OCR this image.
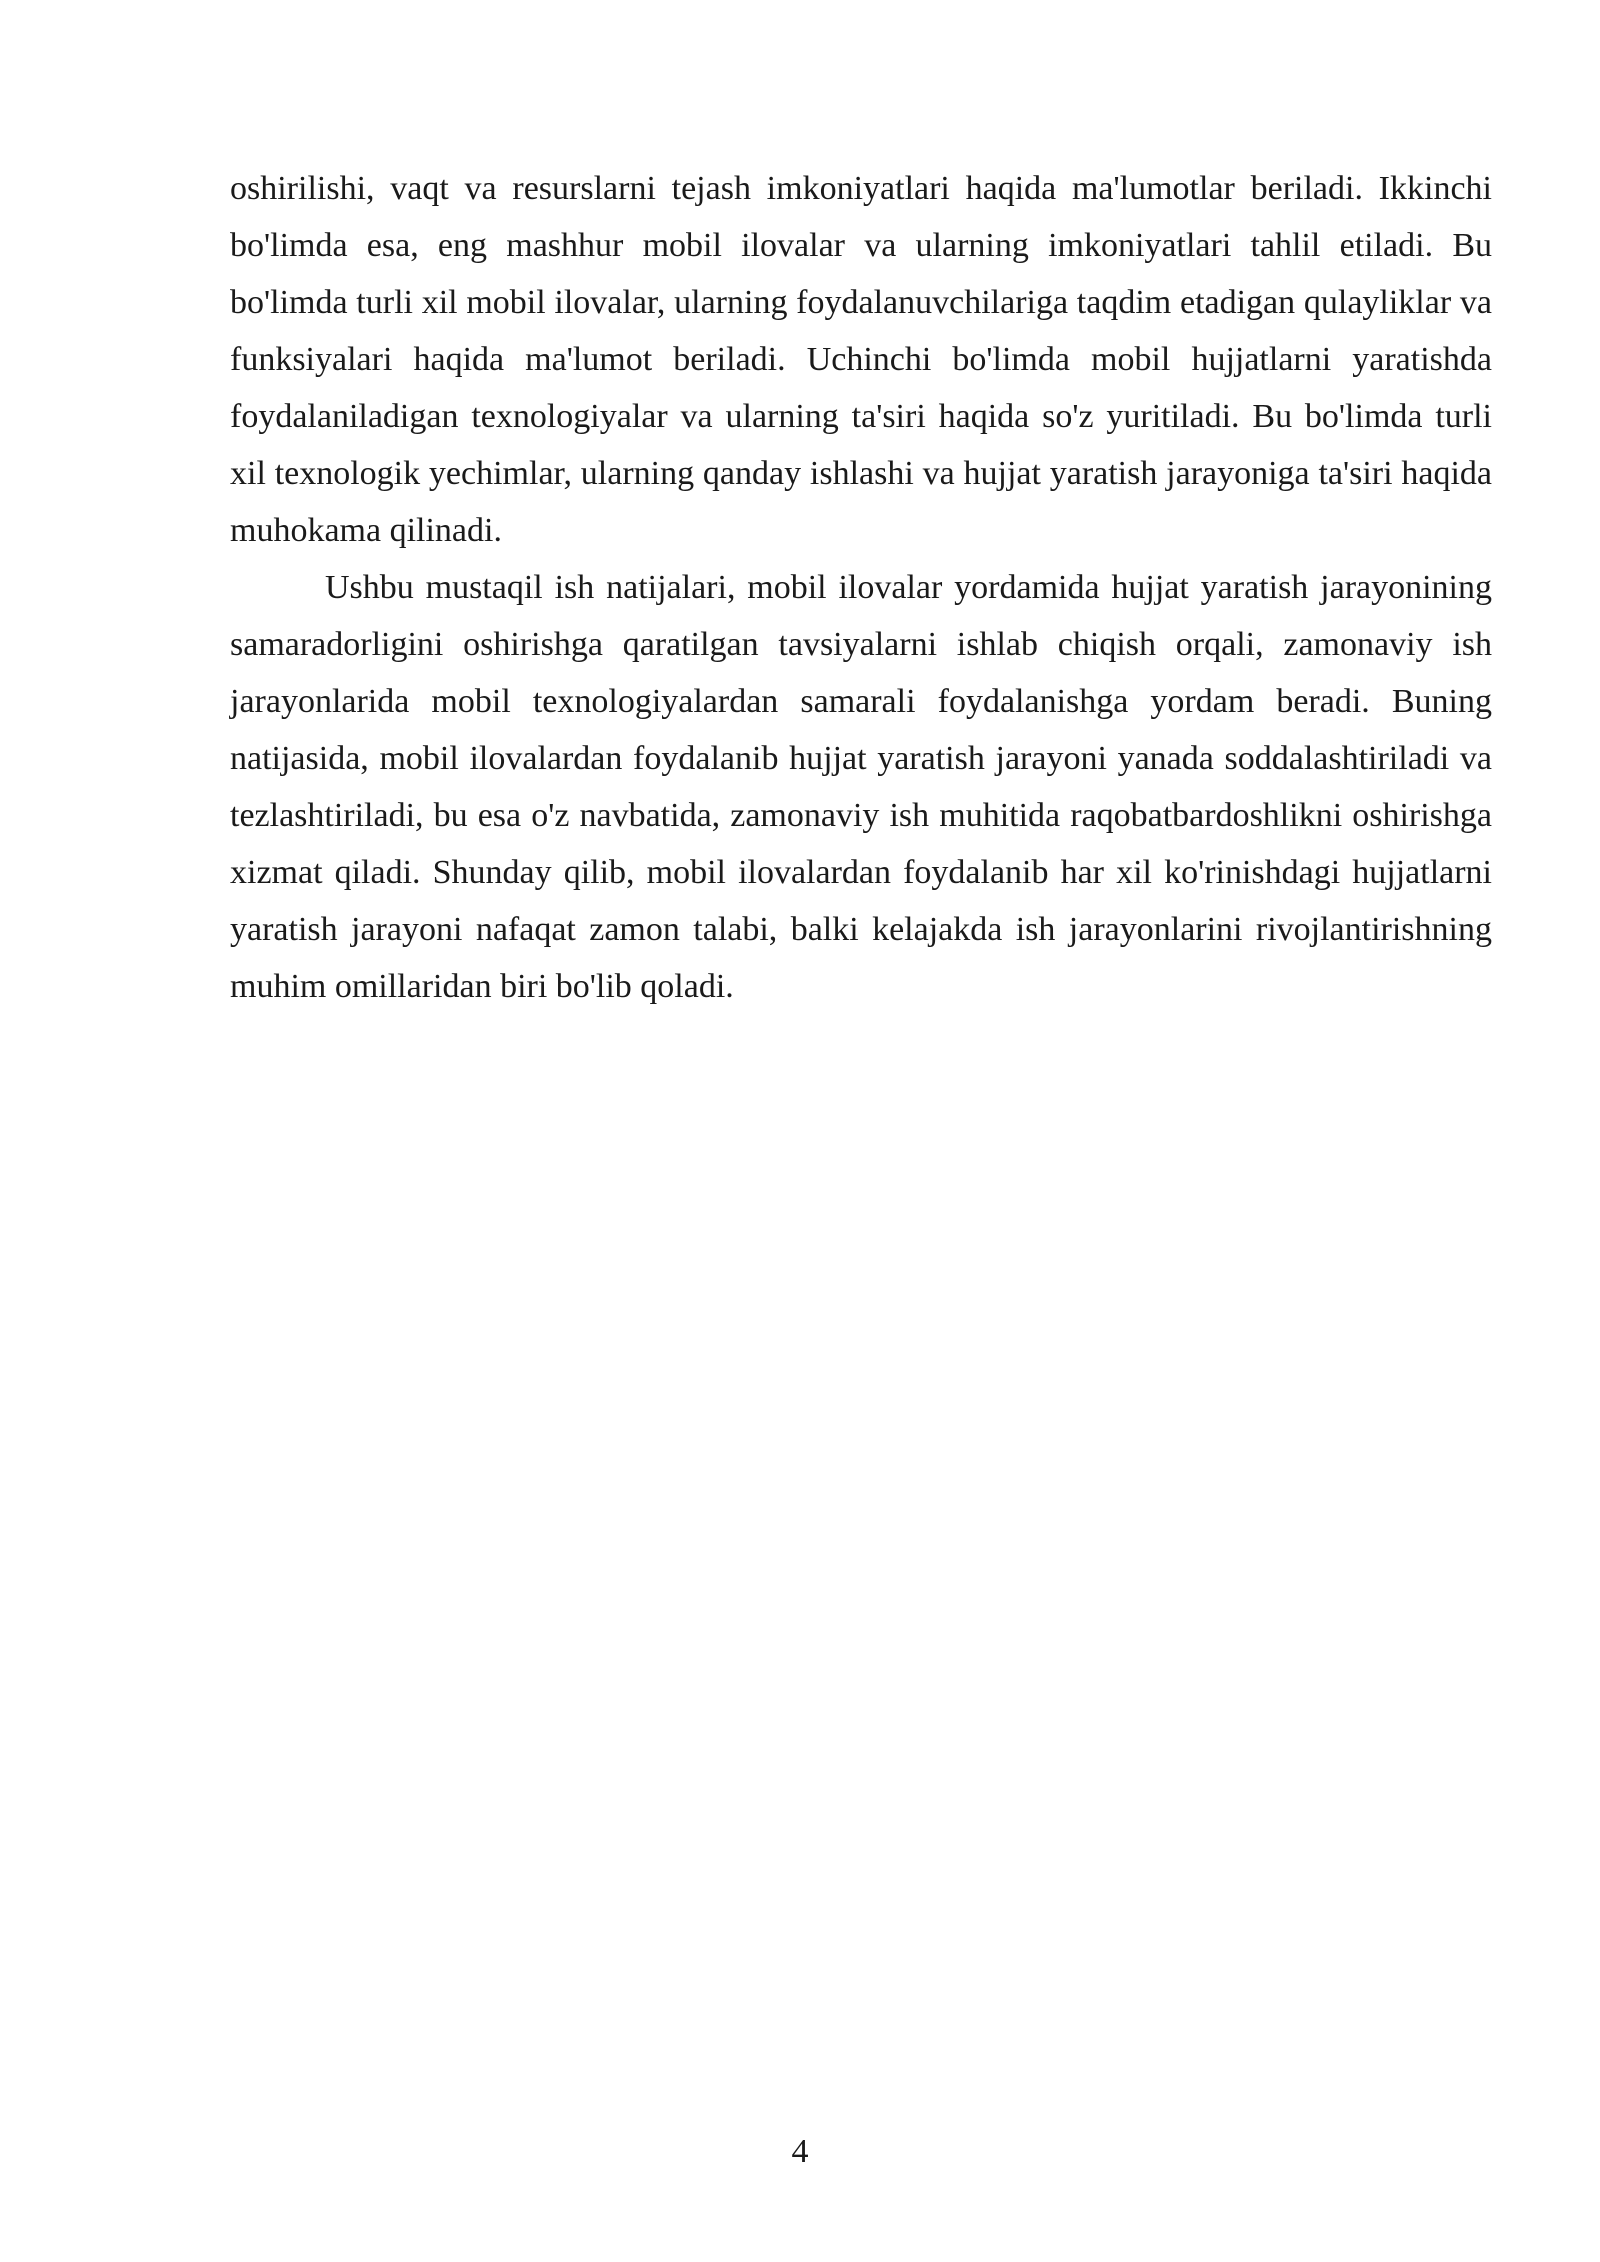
oshirilishi, vaqt va resurslarni tejash imkoniyatlari haqida ma'lumotlar beriladi. Ikkinchi bo'limda esa, eng mashhur mobil ilovalar va ularning imkoniyatlari tahlil etiladi. Bu bo'limda turli xil mobil ilovalar, ularning foydalanuvchilariga taqdim etadigan qulayliklar va funksiyalari haqida ma'lumot beriladi. Uchinchi bo'limda mobil hujjatlarni yaratishda foydalaniladigan texnologiyalar va ularning ta'siri haqida so'z yuritiladi. Bu bo'limda turli xil texnologik yechimlar, ularning qanday ishlashi va hujjat yaratish jarayoniga ta'siri haqida muhokama qilinadi.

Ushbu mustaqil ish natijalari, mobil ilovalar yordamida hujjat yaratish jarayonining samaradorligini oshirishga qaratilgan tavsiyalarni ishlab chiqish orqali, zamonaviy ish jarayonlarida mobil texnologiyalardan samarali foydalanishga yordam beradi. Buning natijasida, mobil ilovalardan foydalanib hujjat yaratish jarayoni yanada soddalashtiriladi va tezlashtiriladi, bu esa o'z navbatida, zamonaviy ish muhitida raqobatbardoshlikni oshirishga xizmat qiladi. Shunday qilib, mobil ilovalardan foydalanib har xil ko'rinishdagi hujjatlarni yaratish jarayoni nafaqat zamon talabi, balki kelajakda ish jarayonlarini rivojlantirishning muhim omillaridan biri bo'lib qoladi.

4
